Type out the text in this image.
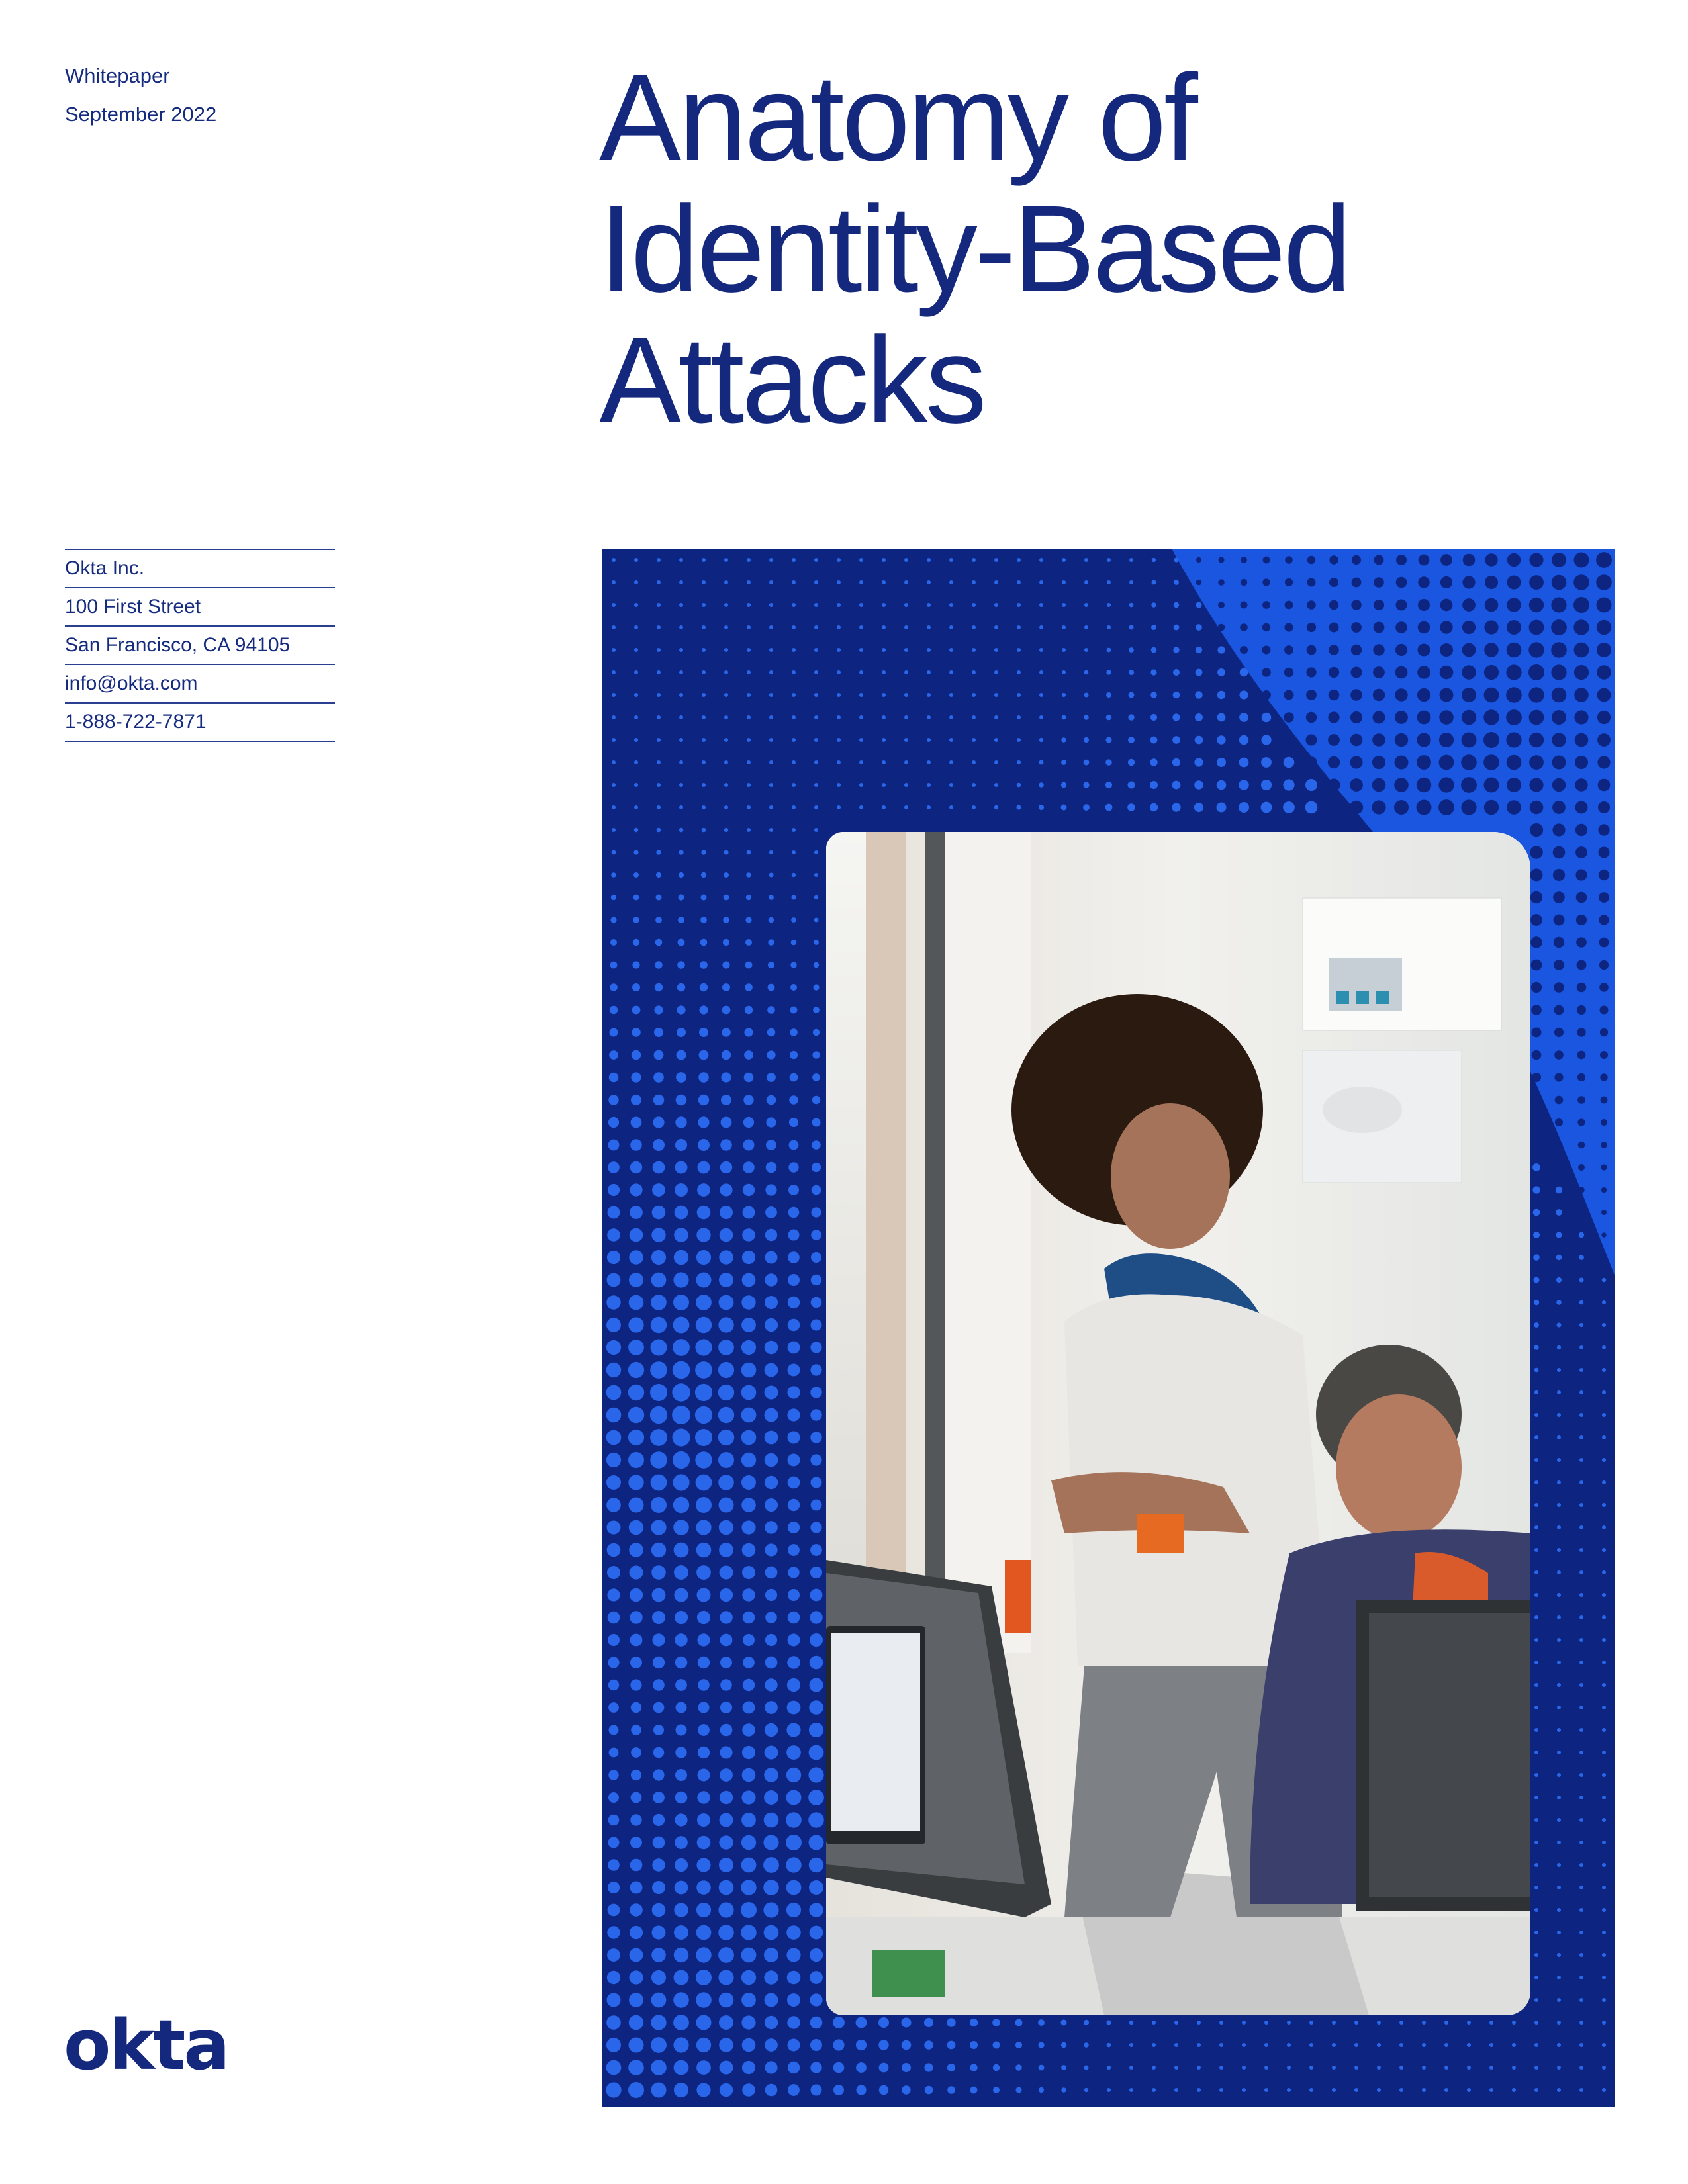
Whitepaper
September 2022	Anatomy of
Identity-Based
Attacks
Okta Inc.
100 First Street
San Francisco, CA 94105
info@okta.com
1-888-722-7871
okta
